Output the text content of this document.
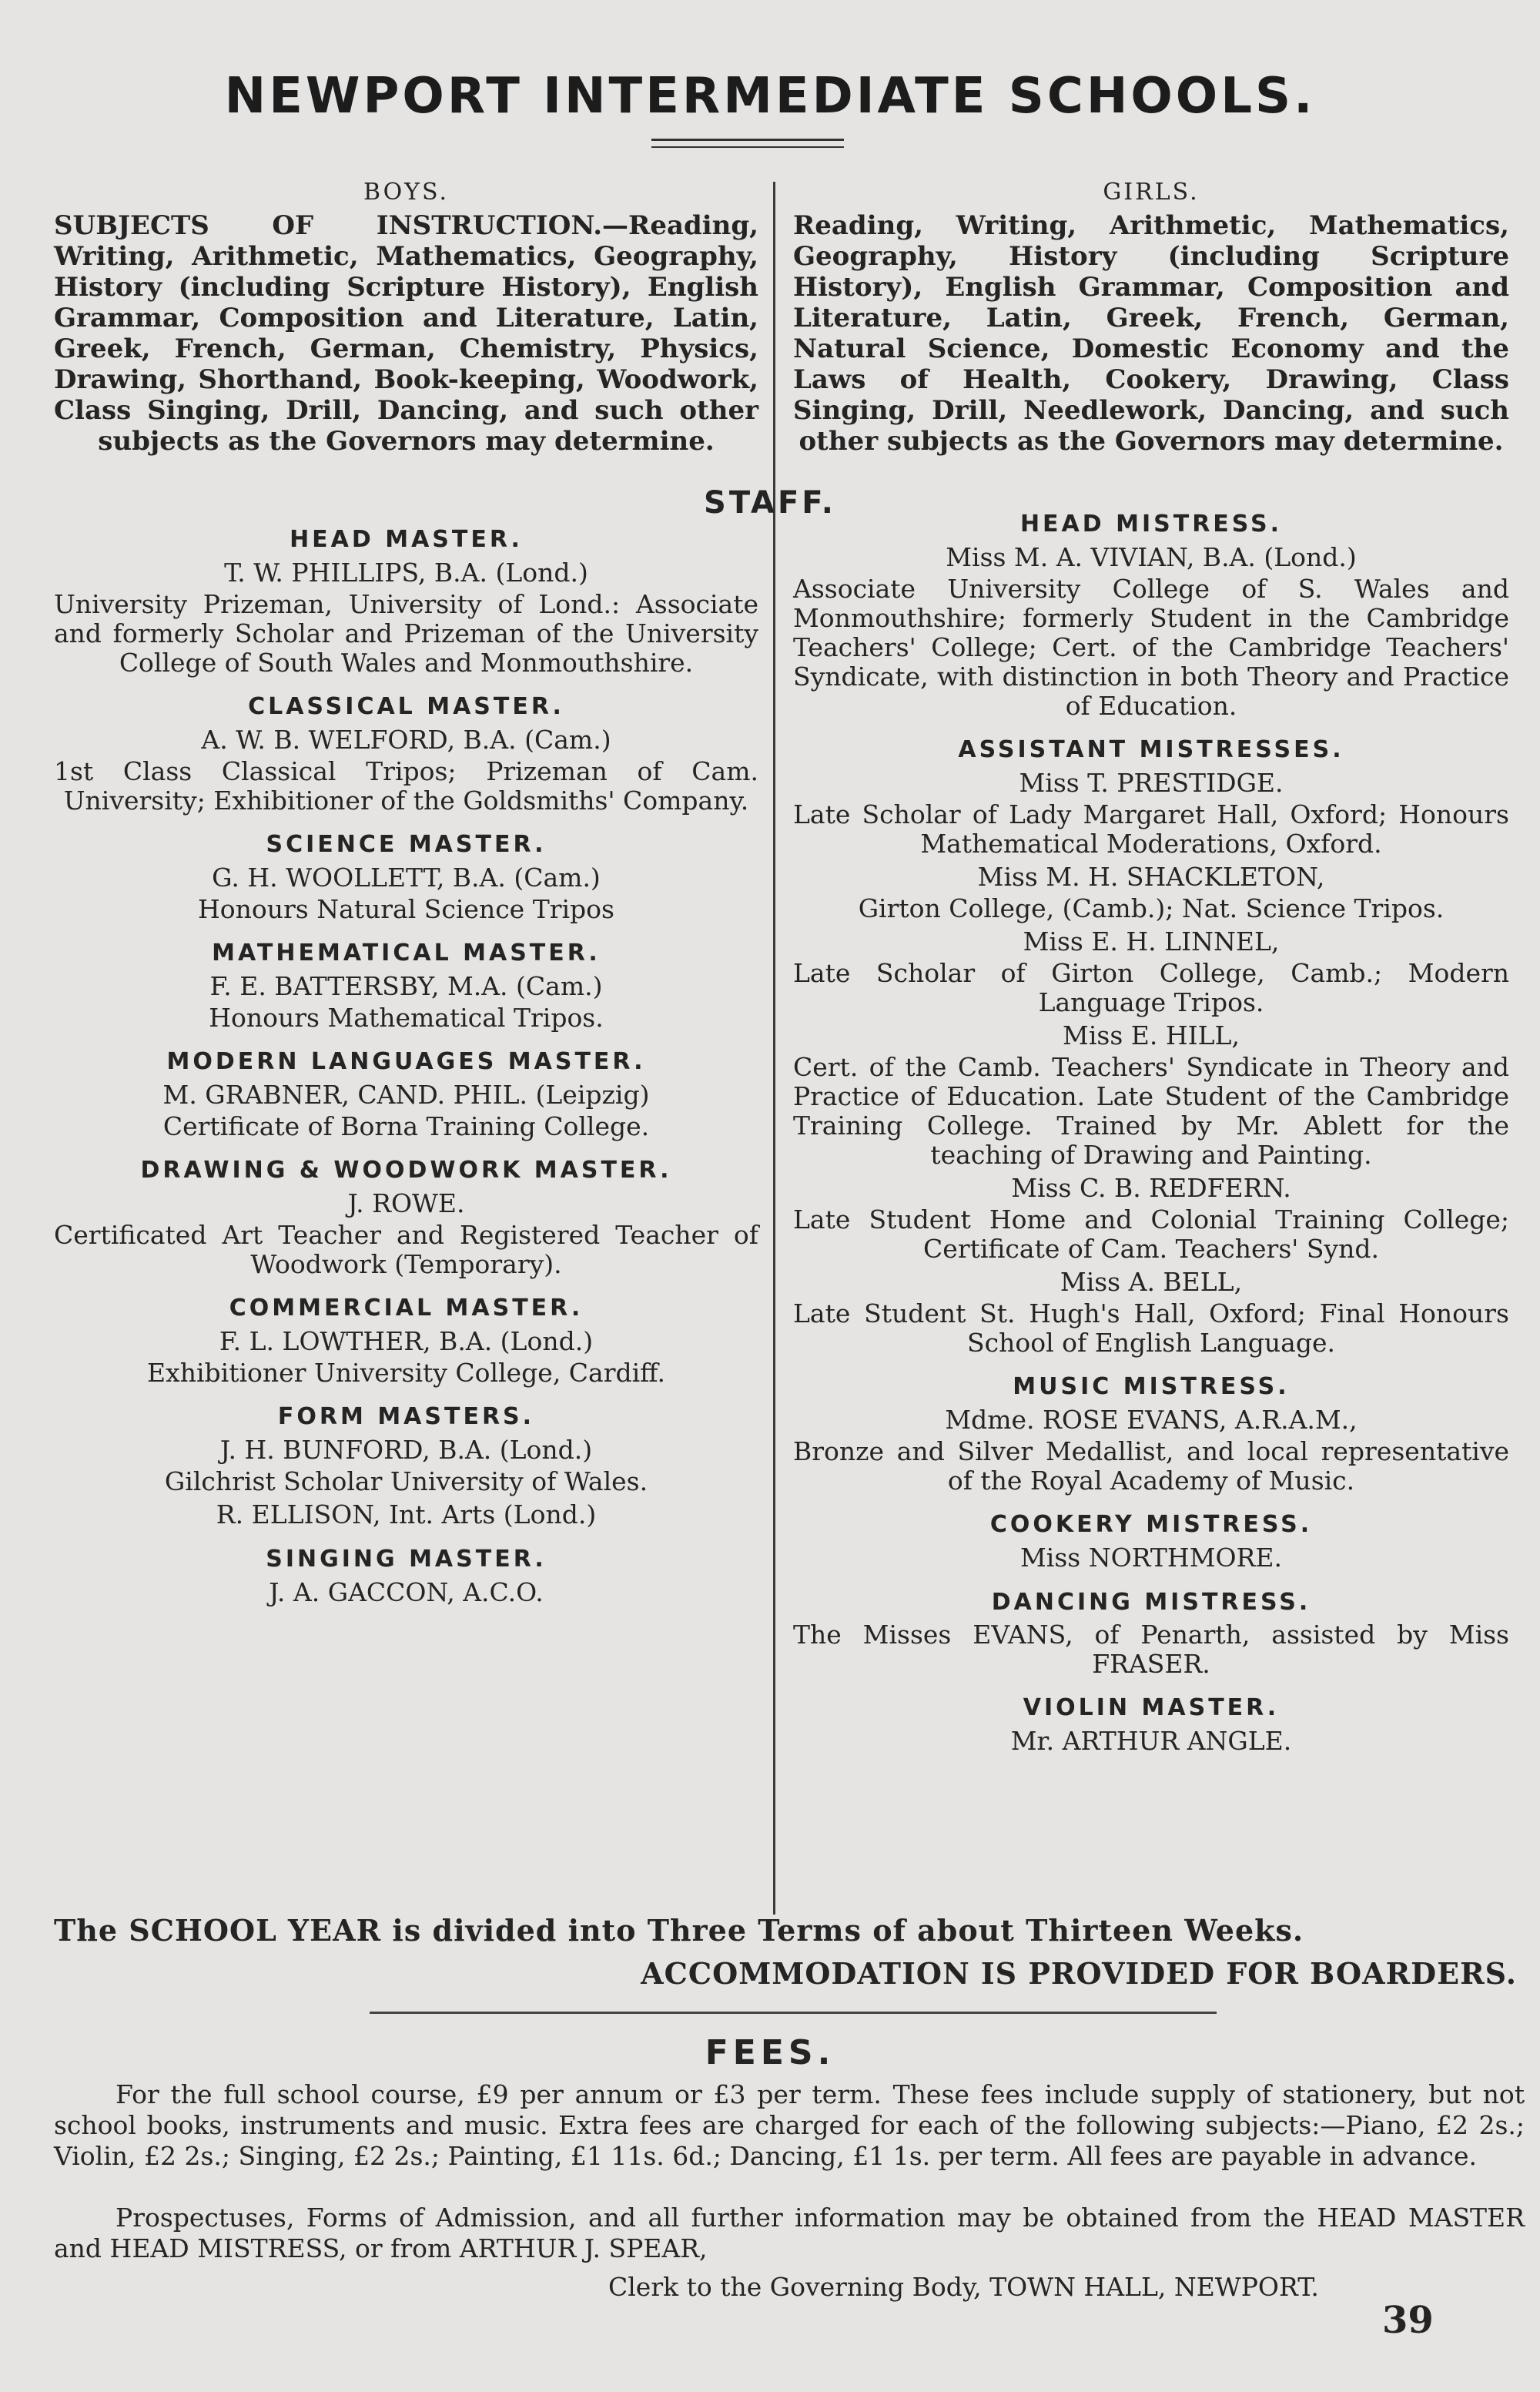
NEWPORT INTERMEDIATE SCHOOLS.
BOYS.

SUBJECTS OF INSTRUCTION.—Reading, Writing, Arithmetic, Mathematics, Geography, History (including Scripture History), English Grammar, Composition and Literature, Latin, Greek, French, German, Chemistry, Physics, Drawing, Shorthand, Book-keeping, Woodwork, Class Singing, Drill, Dancing, and such other subjects as the Governors may determine.

HEAD MASTER.

T. W. PHILLIPS, B.A. (Lond.)

University Prizeman, University of Lond.: Associate and formerly Scholar and Prizeman of the University College of South Wales and Monmouthshire.

CLASSICAL MASTER.

A. W. B. WELFORD, B.A. (Cam.)

1st Class Classical Tripos; Prizeman of Cam. University; Exhibitioner of the Goldsmiths' Company.

SCIENCE MASTER.

G. H. WOOLLETT, B.A. (Cam.)

Honours Natural Science Tripos

MATHEMATICAL MASTER.

F. E. BATTERSBY, M.A. (Cam.)

Honours Mathematical Tripos.

MODERN LANGUAGES MASTER.

M. GRABNER, CAND. PHIL. (Leipzig)

Certificate of Borna Training College.

DRAWING & WOODWORK MASTER.

J. ROWE.

Certificated Art Teacher and Registered Teacher of Woodwork (Temporary).

COMMERCIAL MASTER.

F. L. LOWTHER, B.A. (Lond.)

Exhibitioner University College, Cardiff.

FORM MASTERS.

J. H. BUNFORD, B.A. (Lond.)

Gilchrist Scholar University of Wales.

R. ELLISON, Int. Arts (Lond.)

SINGING MASTER.

J. A. GACCON, A.C.O.

STAFF.
GIRLS.

Reading, Writing, Arithmetic, Mathematics, Geography, History (including Scripture History), English Grammar, Composition and Literature, Latin, Greek, French, German, Natural Science, Domestic Economy and the Laws of Health, Cookery, Drawing, Class Singing, Drill, Needlework, Dancing, and such other subjects as the Governors may determine.

HEAD MISTRESS.

Miss M. A. VIVIAN, B.A. (Lond.)

Associate University College of S. Wales and Monmouthshire; formerly Student in the Cambridge Teachers' College; Cert. of the Cambridge Teachers' Syndicate, with distinction in both Theory and Practice of Education.

ASSISTANT MISTRESSES.

Miss T. PRESTIDGE.

Late Scholar of Lady Margaret Hall, Oxford; Honours Mathematical Moderations, Oxford.

Miss M. H. SHACKLETON,

Girton College, (Camb.); Nat. Science Tripos.

Miss E. H. LINNEL,

Late Scholar of Girton College, Camb.; Modern Language Tripos.

Miss E. HILL,

Cert. of the Camb. Teachers' Syndicate in Theory and Practice of Education. Late Student of the Cambridge Training College. Trained by Mr. Ablett for the teaching of Drawing and Painting.

Miss C. B. REDFERN.

Late Student Home and Colonial Training College; Certificate of Cam. Teachers' Synd.

Miss A. BELL,

Late Student St. Hugh's Hall, Oxford; Final Honours School of English Language.

MUSIC MISTRESS.

Mdme. ROSE EVANS, A.R.A.M.,

Bronze and Silver Medallist, and local representative of the Royal Academy of Music.

COOKERY MISTRESS.

Miss NORTHMORE.

DANCING MISTRESS.

The Misses EVANS, of Penarth, assisted by Miss FRASER.

VIOLIN MASTER.

Mr. ARTHUR ANGLE.

The SCHOOL YEAR is divided into Three Terms of about Thirteen Weeks.
ACCOMMODATION IS PROVIDED FOR BOARDERS.
FEES.

For the full school course, £9 per annum or £3 per term. These fees include supply of stationery, but not school books, instruments and music. Extra fees are charged for each of the following subjects:—Piano, £2 2s.; Violin, £2 2s.; Singing, £2 2s.; Painting, £1 11s. 6d.; Dancing, £1 1s. per term. All fees are payable in advance.

Prospectuses, Forms of Admission, and all further information may be obtained from the HEAD MASTER and HEAD MISTRESS, or from ARTHUR J. SPEAR,

Clerk to the Governing Body, TOWN HALL, NEWPORT.
39
